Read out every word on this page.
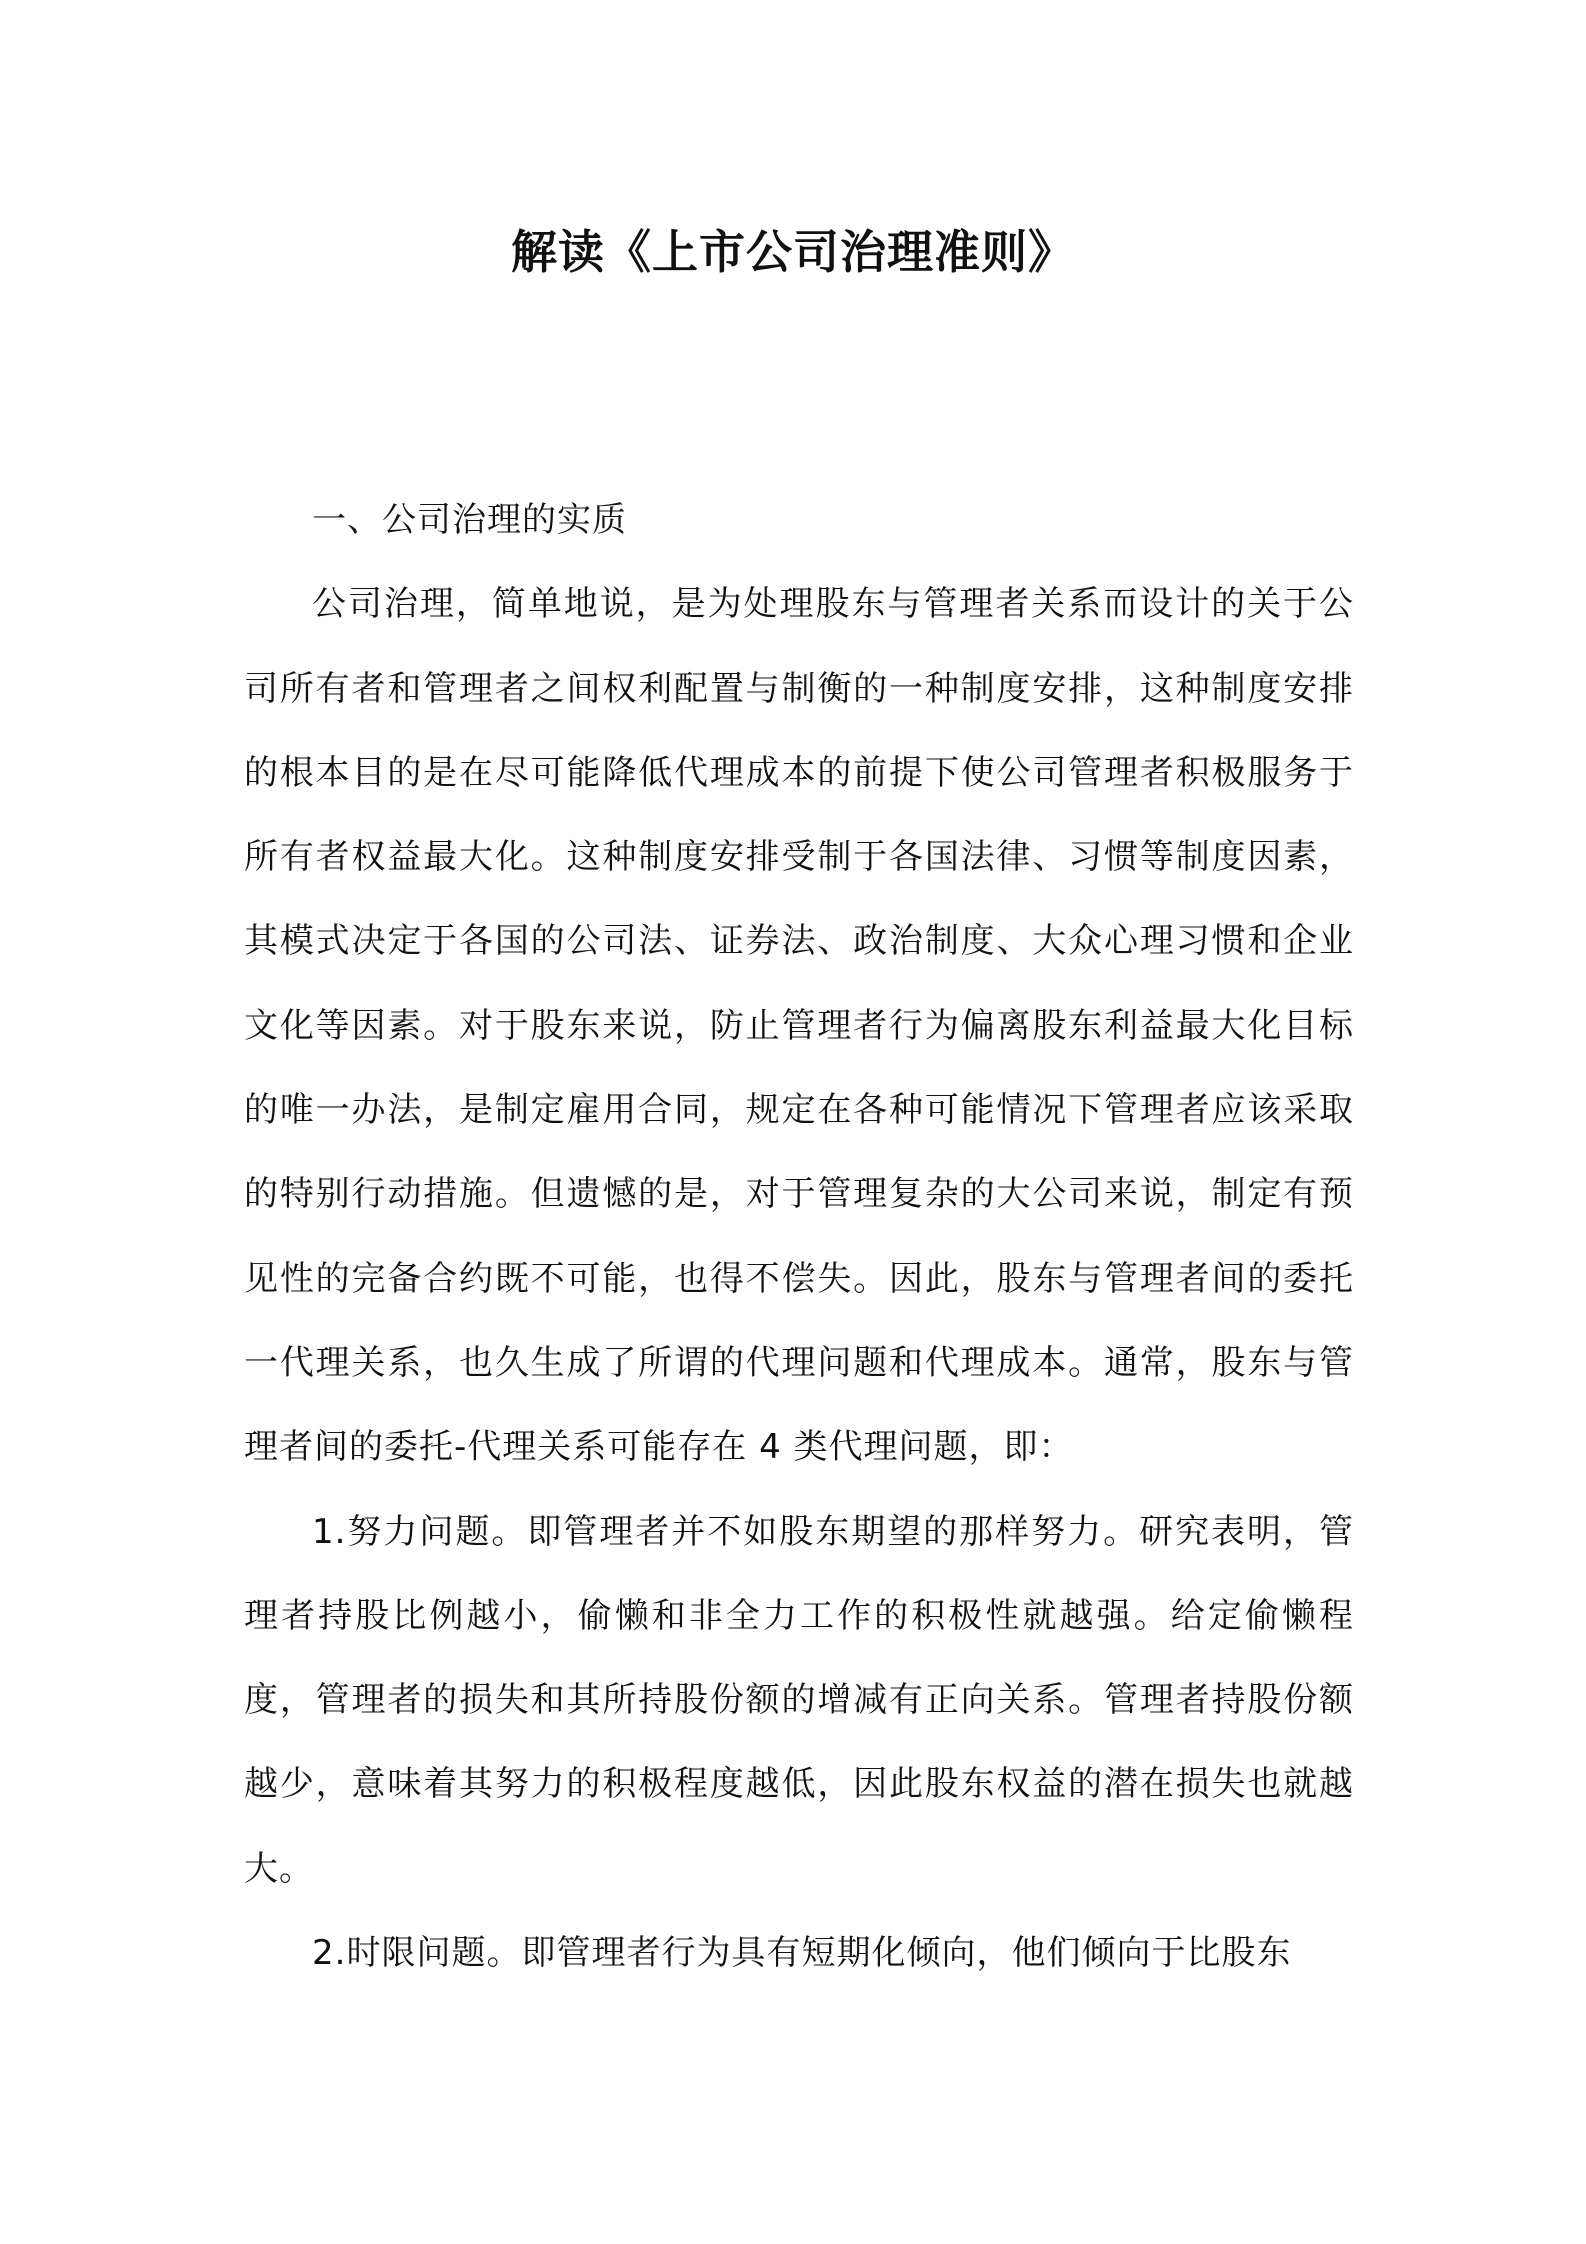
解读《上市公司治理准则》

一、公司治理的实质

公司治理，简单地说，是为处理股东与管理者关系而设计的关于公司所有者和管理者之间权利配置与制衡的一种制度安排，这种制度安排的根本目的是在尽可能降低代理成本的前提下使公司管理者积极服务于所有者权益最大化。这种制度安排受制于各国法律、习惯等制度因素，其模式决定于各国的公司法、证券法、政治制度、大众心理习惯和企业文化等因素。对于股东来说，防止管理者行为偏离股东利益最大化目标的唯一办法，是制定雇用合同，规定在各种可能情况下管理者应该采取的特别行动措施。但遗憾的是，对于管理复杂的大公司来说，制定有预见性的完备合约既不可能，也得不偿失。因此，股东与管理者间的委托一代理关系，也久生成了所谓的代理问题和代理成本。通常，股东与管理者间的委托-代理关系可能存在 4 类代理问题，即：

1.努力问题。即管理者并不如股东期望的那样努力。研究表明，管理者持股比例越小，偷懒和非全力工作的积极性就越强。给定偷懒程度，管理者的损失和其所持股份额的增减有正向关系。管理者持股份额越少，意味着其努力的积极程度越低，因此股东权益的潜在损失也就越大。

2.时限问题。即管理者行为具有短期化倾向，他们倾向于比股东
